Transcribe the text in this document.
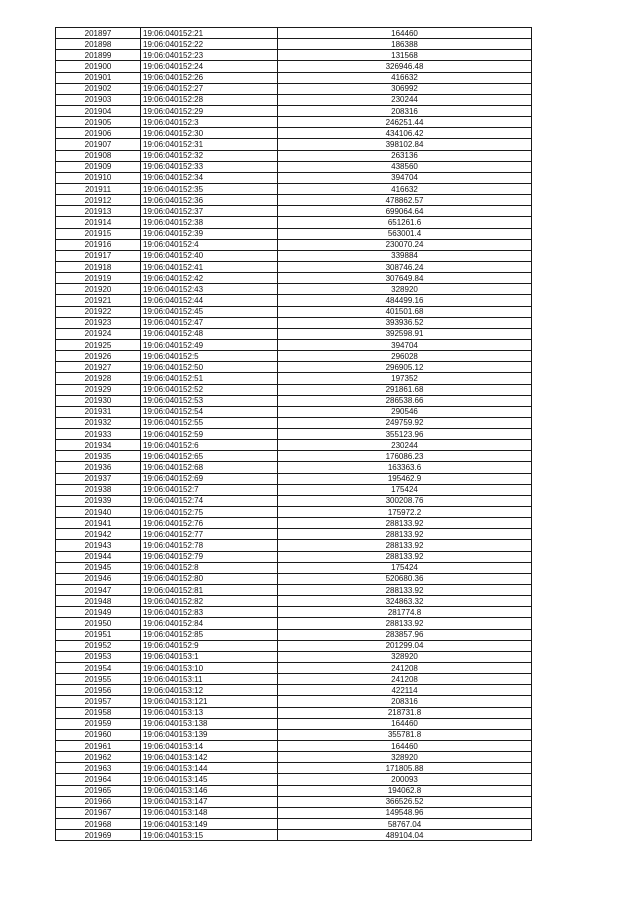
201897	19:06:040152:21	164460
201898	19:06:040152:22	186388
201899	19:06:040152:23	131568
201900	19:06:040152:24	326946.48
201901	19:06:040152:26	416632
201902	19:06:040152:27	306992
201903	19:06:040152:28	230244
201904	19:06:040152:29	208316
201905	19:06:040152:3	246251.44
201906	19:06:040152:30	434106.42
201907	19:06:040152:31	398102.84
201908	19:06:040152:32	263136
201909	19:06:040152:33	438560
201910	19:06:040152:34	394704
201911	19:06:040152:35	416632
201912	19:06:040152:36	478862.57
201913	19:06:040152:37	699064.64
201914	19:06:040152:38	651261.6
201915	19:06:040152:39	563001.4
201916	19:06:040152:4	230070.24
201917	19:06:040152:40	339884
201918	19:06:040152:41	308746.24
201919	19:06:040152:42	307649.84
201920	19:06:040152:43	328920
201921	19:06:040152:44	484499.16
201922	19:06:040152:45	401501.68
201923	19:06:040152:47	393936.52
201924	19:06:040152:48	392598.91
201925	19:06:040152:49	394704
201926	19:06:040152:5	296028
201927	19:06:040152:50	296905.12
201928	19:06:040152:51	197352
201929	19:06:040152:52	291861.68
201930	19:06:040152:53	286538.66
201931	19:06:040152:54	290546
201932	19:06:040152:55	249759.92
201933	19:06:040152:59	355123.96
201934	19:06:040152:6	230244
201935	19:06:040152:65	176086.23
201936	19:06:040152:68	163363.6
201937	19:06:040152:69	195462.9
201938	19:06:040152:7	175424
201939	19:06:040152:74	300208.76
201940	19:06:040152:75	175972.2
201941	19:06:040152:76	288133.92
201942	19:06:040152:77	288133.92
201943	19:06:040152:78	288133.92
201944	19:06:040152:79	288133.92
201945	19:06:040152:8	175424
201946	19:06:040152:80	520680.36
201947	19:06:040152:81	288133.92
201948	19:06:040152:82	324863.32
201949	19:06:040152:83	281774.8
201950	19:06:040152:84	288133.92
201951	19:06:040152:85	283857.96
201952	19:06:040152:9	201299.04
201953	19:06:040153:1	328920
201954	19:06:040153:10	241208
201955	19:06:040153:11	241208
201956	19:06:040153:12	422114
201957	19:06:040153:121	208316
201958	19:06:040153:13	218731.8
201959	19:06:040153:138	164460
201960	19:06:040153:139	355781.8
201961	19:06:040153:14	164460
201962	19:06:040153:142	328920
201963	19:06:040153:144	171805.88
201964	19:06:040153:145	200093
201965	19:06:040153:146	194062.8
201966	19:06:040153:147	366526.52
201967	19:06:040153:148	149548.96
201968	19:06:040153:149	58767.04
201969	19:06:040153:15	489104.04
